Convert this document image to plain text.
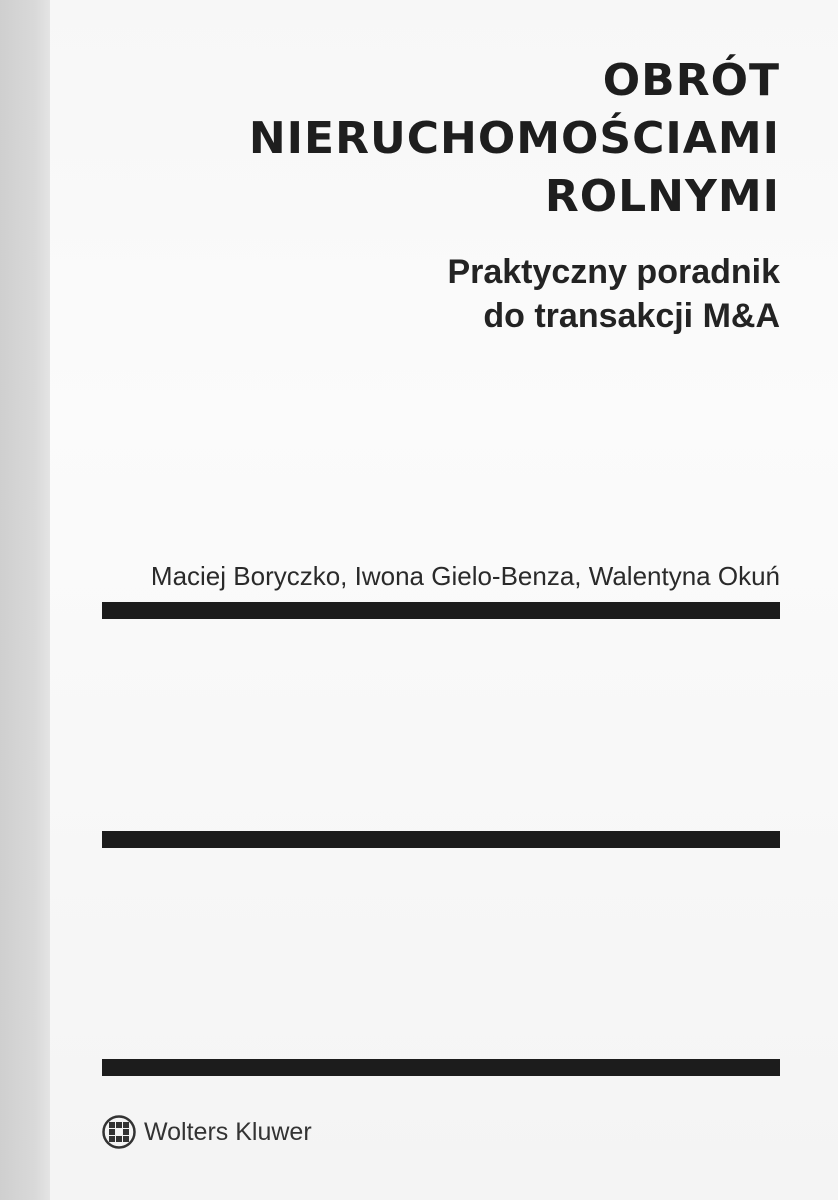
OBRÓT
NIERUCHOMOŚCIAMI
ROLNYMI
Praktyczny poradnik
do transakcji M&A
Maciej Boryczko, Iwona Gielo-Benza, Walentyna Okuń
Wolters Kluwer
